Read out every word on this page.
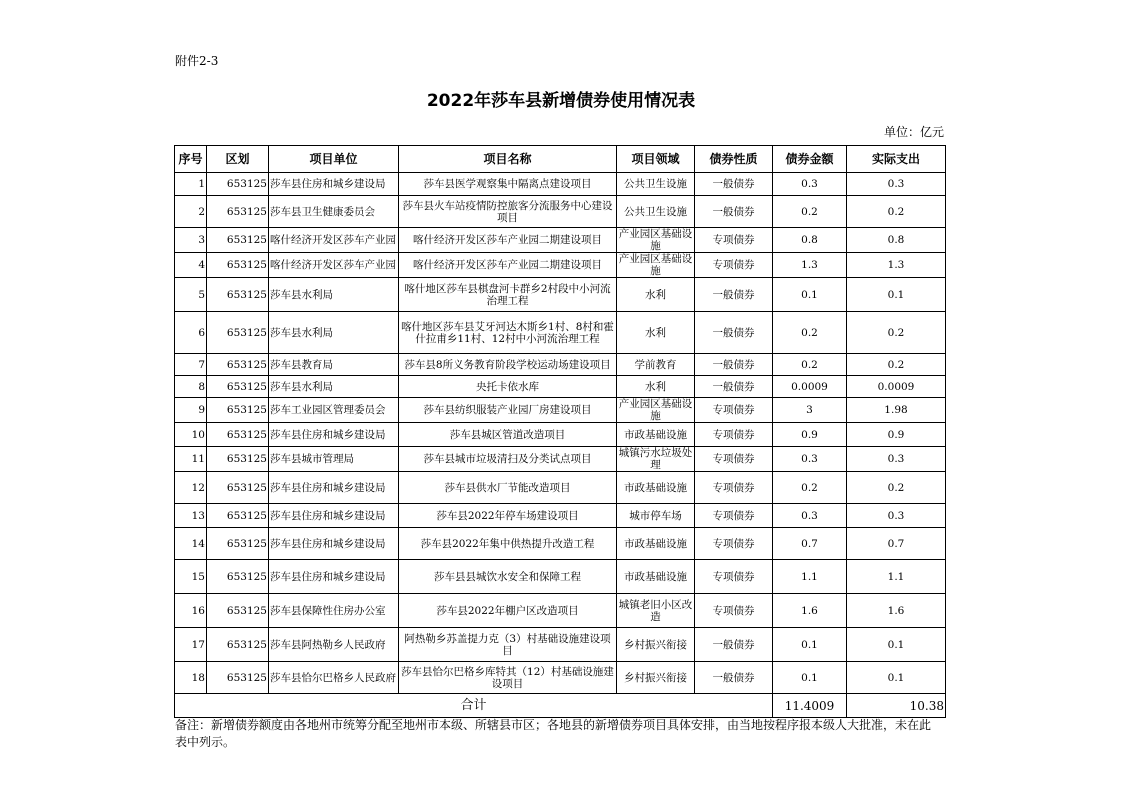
附件2-3
2022年莎车县新增债券使用情况表
单位：亿元
序号	区划	项目单位	项目名称	项目领域	债券性质	债券金额	实际支出
1	653125	莎车县住房和城乡建设局	莎车县医学观察集中隔离点建设项目	公共卫生设施	一般债券	0.3	0.3
2	653125	莎车县卫生健康委员会	莎车县火车站疫情防控旅客分流服务中心建设项目	公共卫生设施	一般债券	0.2	0.2
3	653125	喀什经济开发区莎车产业园	喀什经济开发区莎车产业园二期建设项目	产业园区基础设施	专项债券	0.8	0.8
4	653125	喀什经济开发区莎车产业园	喀什经济开发区莎车产业园二期建设项目	产业园区基础设施	专项债券	1.3	1.3
5	653125	莎车县水利局	喀什地区莎车县棋盘河卡群乡2村段中小河流治理工程	水利	一般债券	0.1	0.1
6	653125	莎车县水利局	喀什地区莎车县艾牙河达木斯乡1村、8村和霍什拉甫乡11村、12村中小河流治理工程	水利	一般债券	0.2	0.2
7	653125	莎车县教育局	莎车县8所义务教育阶段学校运动场建设项目	学前教育	一般债券	0.2	0.2
8	653125	莎车县水利局	央托卡依水库	水利	一般债券	0.0009	0.0009
9	653125	莎车工业园区管理委员会	莎车县纺织服装产业园厂房建设项目	产业园区基础设施	专项债券	3	1.98
10	653125	莎车县住房和城乡建设局	莎车县城区管道改造项目	市政基础设施	专项债券	0.9	0.9
11	653125	莎车县城市管理局	莎车县城市垃圾清扫及分类试点项目	城镇污水垃圾处理	专项债券	0.3	0.3
12	653125	莎车县住房和城乡建设局	莎车县供水厂节能改造项目	市政基础设施	专项债券	0.2	0.2
13	653125	莎车县住房和城乡建设局	莎车县2022年停车场建设项目	城市停车场	专项债券	0.3	0.3
14	653125	莎车县住房和城乡建设局	莎车县2022年集中供热提升改造工程	市政基础设施	专项债券	0.7	0.7
15	653125	莎车县住房和城乡建设局	莎车县县城饮水安全和保障工程	市政基础设施	专项债券	1.1	1.1
16	653125	莎车县保障性住房办公室	莎车县2022年棚户区改造项目	城镇老旧小区改造	专项债券	1.6	1.6
17	653125	莎车县阿热勒乡人民政府	阿热勒乡苏盖提力克（3）村基础设施建设项目	乡村振兴衔接	一般债券	0.1	0.1
18	653125	莎车县恰尔巴格乡人民政府	莎车县恰尔巴格乡库特其（12）村基础设施建设项目	乡村振兴衔接	一般债券	0.1	0.1
合计						11.4009	10.38
备注：新增债券额度由各地州市统筹分配至地州市本级、所辖县市区；各地县的新增债券项目具体安排，由当地按程序报本级人大批准，未在此表中列示。
